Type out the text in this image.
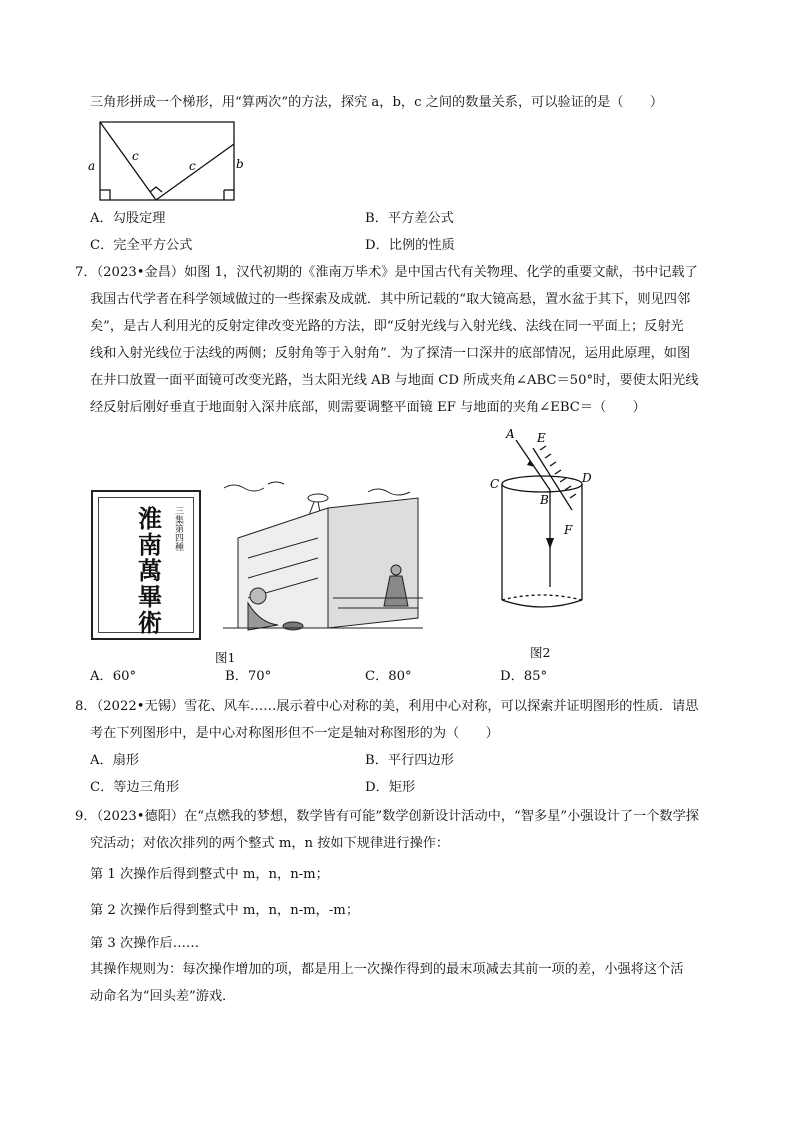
三角形拼成一个梯形，用“算两次”的方法，探究 a，b，c 之间的数量关系，可以验证的是（　　）
a	b
c
c
A．勾股定理	B．平方差公式
C．完全平方公式	D．比例的性质
7．（2023•金昌）如图 1，汉代初期的《淮南万毕术》是中国古代有关物理、化学的重要文献，书中记载了
我国古代学者在科学领域做过的一些探索及成就．其中所记载的“取大镜高悬，置水盆于其下，则见四邻
矣”，是古人利用光的反射定律改变光路的方法，即“反射光线与入射光线、法线在同一平面上；反射光
线和入射光线位于法线的两侧；反射角等于入射角”．为了探清一口深井的底部情况，运用此原理，如图
在井口放置一面平面镜可改变光路，当太阳光线 AB 与地面 CD 所成夹角∠ABC＝50°时，要使太阳光线
经反射后刚好垂直于地面射入深井底部，则需要调整平面镜 EF 与地面的夹角∠EBC＝（　　）
淮
南
萬
畢
術
三集第四種
图1
A E
C	D
B
F
图2
A．60°	B．70°	C．80°	D．85°
8．（2022•无锡）雪花、风车……展示着中心对称的美，利用中心对称，可以探索并证明图形的性质．请思
考在下列图形中，是中心对称图形但不一定是轴对称图形的为（　　）
A．扇形	B．平行四边形
C．等边三角形	D．矩形
9．（2023•德阳）在“点燃我的梦想，数学皆有可能”数学创新设计活动中，“智多星”小强设计了一个数学探
究活动；对依次排列的两个整式 m，n 按如下规律进行操作：
第 1 次操作后得到整式中 m，n，n-m；
第 2 次操作后得到整式中 m，n，n-m，-m；
第 3 次操作后……
其操作规则为：每次操作增加的项，都是用上一次操作得到的最末项减去其前一项的差，小强将这个活
动命名为“回头差”游戏．
